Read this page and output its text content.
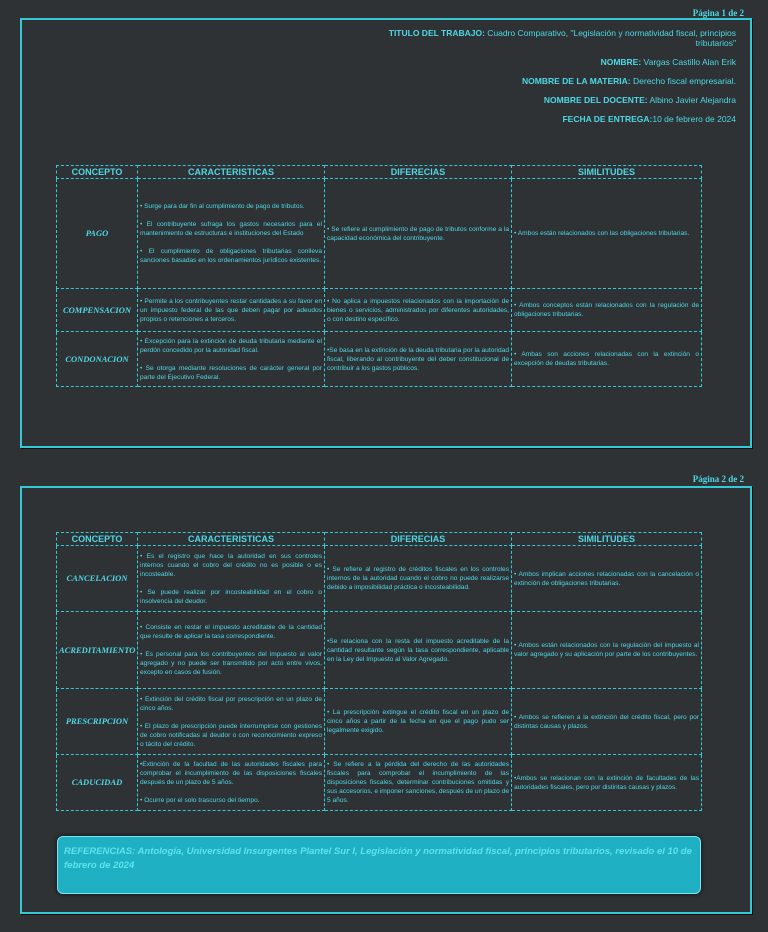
Página 1 de 2
TITULO DEL TRABAJO: Cuadro Comparativo, "Legislación y normatividad fiscal, principios tributarios"
NOMBRE: Vargas Castillo Alan Erik
NOMBRE DE LA MATERIA: Derecho fiscal empresarial.
NOMBRE DEL DOCENTE: Albino Javier Alejandra
FECHA DE ENTREGA:10 de febrero de 2024
CONCEPTO	CARACTERISTICAS	DIFERECIAS	SIMILITUDES
PAGO	• Surge para dar fin al cumplimiento de pago de tributos.

• El contribuyente sufraga los gastos necesarios para el mantenimiento de estructuras e instituciones del Estado

• El cumplimiento de obligaciones tributarias conlleva sanciones basadas en los ordenamientos jurídicos existentes.	• Se refiere al cumplimiento de pago de tributos conforme a la capacidad económica del contribuyente.	• Ambos están relacionados con las obligaciones tributarias.
COMPENSACION	• Permite a los contribuyentes restar cantidades a su favor en un impuesto federal de las que deben pagar por adeudos propios o retenciones a terceros.	• No aplica a impuestos relacionados con la importación de bienes o servicios, administrados por diferentes autoridades, o con destino específico.	• Ambos conceptos están relacionados con la regulación de obligaciones tributarias.
CONDONACION	• Excepción para la extinción de deuda tributaria mediante el perdón concedido por la autoridad fiscal.

• Se otorga mediante resoluciones de carácter general por parte del Ejecutivo Federal.	•Se basa en la extinción de la deuda tributaria por la autoridad fiscal, liberando al contribuyente del deber constitucional de contribuir a los gastos públicos.	• Ambas son acciones relacionadas con la extinción o excepción de deudas tributarias.
Página 2 de 2
CONCEPTO	CARACTERISTICAS	DIFERECIAS	SIMILITUDES
CANCELACION	• Es el registro que hace la autoridad en sus controles internos cuando el cobro del crédito no es posible o es incosteable.

• Se puede realizar por incosteabilidad en el cobro o insolvencia del deudor.	• Se refiere al registro de créditos fiscales en los controles internos de la autoridad cuando el cobro no puede realizarse debido a imposibilidad práctica o incosteabilidad.	• Ambos implican acciones relacionadas con la cancelación o extinción de obligaciones tributarias.
ACREDITAMIENTO	• Consiste en restar el impuesto acreditable de la cantidad que resulte de aplicar la tasa correspondiente.

• Es personal para los contribuyentes del impuesto al valor agregado y no puede ser transmitido por acto entre vivos, excepto en casos de fusión.	•Se relaciona con la resta del impuesto acreditable de la cantidad resultante según la tasa correspondiente, aplicable en la Ley del Impuesto al Valor Agregado.	• Ambos están relacionados con la regulación del impuesto al valor agregado y su aplicación por parte de los contribuyentes.
PRESCRIPCION	• Extinción del crédito fiscal por prescripción en un plazo de cinco años.

• El plazo de prescripción puede interrumpirse con gestiones de cobro notificadas al deudor o con reconocimiento expreso o tácito del crédito.	• La prescripción extingue el crédito fiscal en un plazo de cinco años a partir de la fecha en que el pago pudo ser legalmente exigido.	• Ambos se refieren a la extinción del crédito fiscal, pero por distintas causas y plazos.
CADUCIDAD	•Extinción de la facultad de las autoridades fiscales para comprobar el incumplimiento de las disposiciones fiscales después de un plazo de 5 años.

• Ocurre por el solo trascurso del tiempo.	• Se refiere a la pérdida del derecho de las autoridades fiscales para comprobar el incumplimiento de las disposiciones fiscales, determinar contribuciones omitidas y sus accesorios, e imponer sanciones, después de un plazo de 5 años.	•Ambos se relacionan con la extinción de facultades de las autoridades fiscales, pero por distintas causas y plazos.
REFERENCIAS: Antología, Universidad Insurgentes Plantel Sur I, Legislación y normatividad fiscal, principios tributarios, revisado el 10 de febrero de 2024
